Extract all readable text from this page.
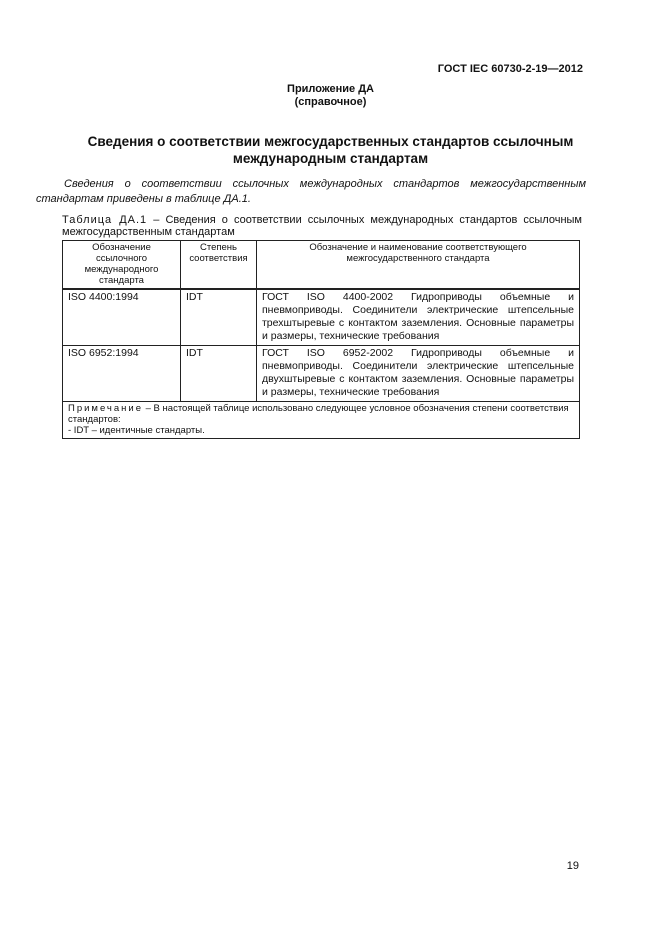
ГОСТ IEC 60730-2-19—2012
Приложение ДА
(справочное)
Сведения о соответствии межгосударственных стандартов ссылочным
международным стандартам
Сведения о соответствии ссылочных международных стандартов межгосударственным стандартам приведены в таблице ДА.1.
Таблица ДА.1 – Сведения о соответствии ссылочных международных стандартов ссылочным межгосударственным стандартам
Обозначение ссылочного международного стандарта	Степень соответствия	Обозначение и наименование соответствующего межгосударственного стандарта
ISO 4400:1994	IDT	ГОСТ ISO 4400-2002 Гидроприводы объемные и пневмоприводы. Соединители электрические штепсельные трехштыревые с контактом заземления. Основные параметры и размеры, технические требования
ISO 6952:1994	IDT	ГОСТ ISO 6952-2002 Гидроприводы объемные и пневмоприводы. Соединители электрические штепсельные двухштыревые с контактом заземления. Основные параметры и размеры, технические требования
Примечание – В настоящей таблице использовано следующее условное обозначения степени соответствия стандартов:
- IDT – идентичные стандарты.		
19
